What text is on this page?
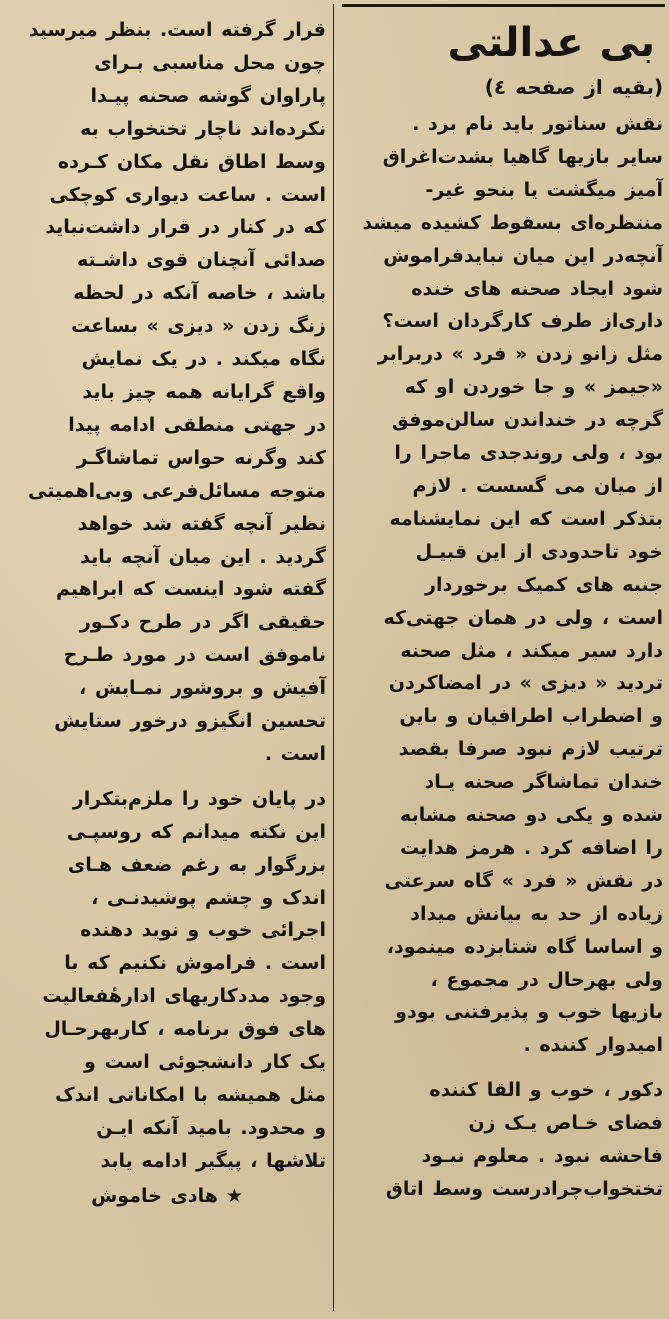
بی عدالتی
(بقیه از صفحه ٤)
نقش سناتور باید نام برد .
سایر بازیها گاهیا بشدت‌اغراق
آمیز میگشت یا بنحو غیر-
منتظره‌ای بسقوط کشیده میشد
آنچه‌در این میان نباید‌فراموش
شود ایجاد صحنه های خنده
داری‌از طرف کارگردان است؟
مثل زانو زدن « فرد » دربرابر
«جیمز » و جا خوردن او که
گرچه در خنداندن سالن‌موفق
بود ، ولی روندجدی ماجرا را
از میان می گسست . لازم
بتذکر است که این نمایشنامه
خود تاحدودی از این قبیـل
جنبه های کمیک برخوردار
است ، ولی در همان جهتی‌که
دارد سیر میکند ، مثل صحنه
تردید « دیزی » در امضاکردن
و اضطراب اطرافیان و باین
ترتیب لازم نبود صرفا بقصد
خندان تماشاگر صحنه یـاد
شده و یکی دو صحنه مشابه
را اضافه کرد . هرمز هدایت
در نقش « فرد » گاه سرعتی
زیاده از حد به بیانش میداد
و اساسا گاه شتابزده مینمود،
ولی بهرحال در مجموع ،
بازیها خوب و پذیرفتنی بودو
امیدوار کننده .
دکور ، خوب و القا کننده
فضای خـاص یـک زن
فاحشه نبود . معلوم نبـود
تختخواب‌چرادرست وسط اتاق
قرار گرفته است. بنظر میرسید
چون محل مناسبی بـرای
پاراوان گوشه صحنه پیـدا
نکرده‌اند ناچار تختخواب به
وسط اطاق نقل مکان کـرده
است . ساعت دیواری کوچکی
که در کنار در قرار داشت‌نباید
صدائی آنچنان قوی داشـته
باشد ، خاصه آنکه در لحظه
زنگ زدن « دیزی » بساعت
نگاه میکند . در یک نمایش
واقع گرایانه همه چیز باید
در جهتی منطقی ادامه پیدا
کند وگرنه حواس تماشاگـر
متوجه مسائل‌فرعی وبی‌اهمیتی
نظیر آنچه گفته شد خواهد
گردید . این میان آنچه باید
گفته شود اینست که ابراهیم
حقیقی اگر در طرح دکـور
ناموفق است در مورد طـرح
آفیش و بروشور نمـایش ،
تحسین انگیزو درخور ستایش
است .
در پایان خود را ملزم‌بتکرار
این نکته میدانم که روسپـی
بزرگوار به رغم ضعف هـای
اندک و چشم پوشیدنـی ،
اجرائی خوب و نوید دهنده
است . فراموش نکنیم که با
وجود مددکاریهای ادارهٔفعالیت
های فوق برنامه ، کاربهرحـال
یک کار دانشجوئی است و
مثل همیشه با امکاناتی اندک
و محدود. بامید آنکه ایـن
تلاشها ، پیگیر ادامه یابد
★هادی خاموش
